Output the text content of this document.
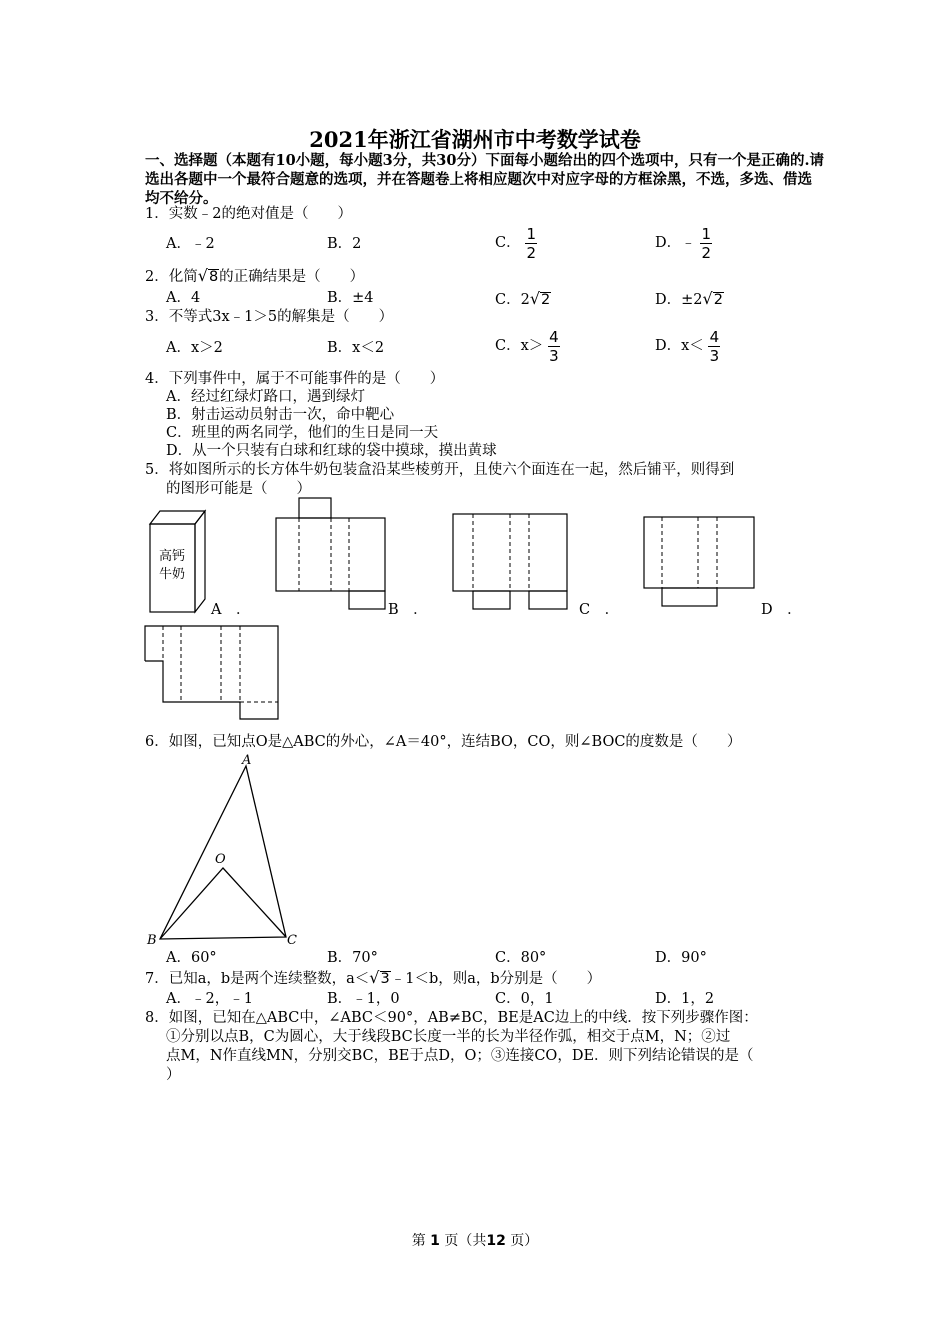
2021年浙江省湖州市中考数学试卷
一、选择题（本题有10小题，每小题3分，共30分）下面每小题给出的四个选项中，只有一个是正确的.请选出各题中一个最符合题意的选项，并在答题卷上将相应题次中对应字母的方框涂黑，不选，多选、借选均不给分。
1．实数﹣2的绝对值是（　　）
A．﹣2	B．2	C． $\frac{1}{2}$	D．﹣ $\frac{1}{2}$
2．化简√8的正确结果是（　　）
A．4	B．±4	C．2√2	D．±2√2
3．不等式3x﹣1＞5的解集是（　　）
A．x＞2	B．x＜2	C．$x> \frac{4}{3}$	D．$x< \frac{4}{3}$
4．下列事件中，属于不可能事件的是（　　）
A．经过红绿灯路口，遇到绿灯
B．射击运动员射击一次，命中靶心
C．班里的两名同学，他们的生日是同一天
D．从一个只装有白球和红球的袋中摸球，摸出黄球
5．将如图所示的长方体牛奶包装盒沿某些棱剪开，且使六个面连在一起，然后铺平，则得到
的图形可能是（　　）
高钙
牛奶
A　．	B　．	C　．	D　．
6．如图，已知点O是△ABC的外心，∠A＝40°，连结BO，CO，则∠BOC的度数是（　　）
A
O
B	C
A．60°	B．70°	C．80°	D．90°
7．已知a，b是两个连续整数，a＜√3﹣1＜b，则a，b分别是（　　）
A．﹣2，﹣1	B．﹣1，0	C．0，1	D．1，2
8．如图，已知在△ABC中，∠ABC＜90°，AB≠BC，BE是AC边上的中线．按下列步骤作图：
①分别以点B，C为圆心，大于线段BC长度一半的长为半径作弧，相交于点M，N；②过
点M，N作直线MN，分别交BC，BE于点D，O；③连接CO，DE．则下列结论错误的是（
）
第 1 页（共12 页）
